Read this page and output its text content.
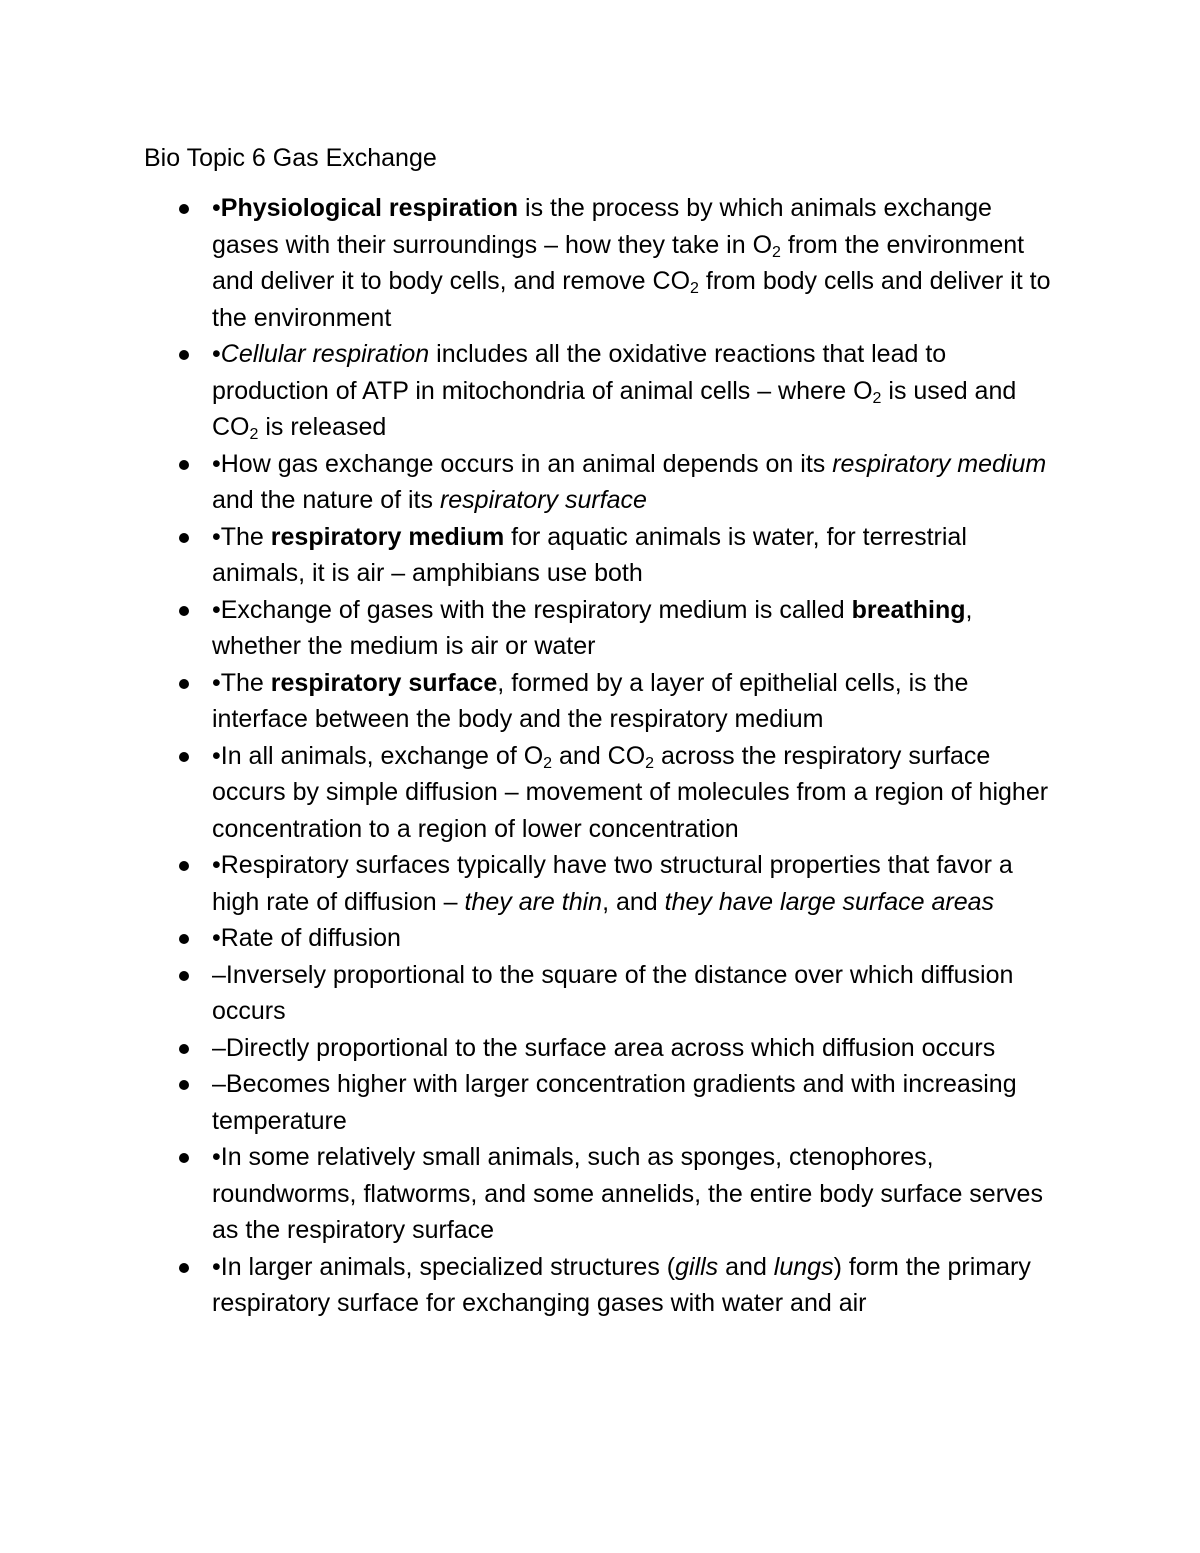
Bio Topic 6 Gas Exchange
•Physiological respiration is the process by which animals exchange gases with their surroundings – how they take in $O_2$ from the environment and deliver it to body cells, and remove $CO_2$ from body cells and deliver it to the environment
•Cellular respiration includes all the oxidative reactions that lead to production of ATP in mitochondria of animal cells – where $O_2$ is used and $CO_2$ is released
•How gas exchange occurs in an animal depends on its respiratory medium and the nature of its respiratory surface
•The respiratory medium for aquatic animals is water, for terrestrial animals, it is air – amphibians use both
•Exchange of gases with the respiratory medium is called breathing, whether the medium is air or water
•The respiratory surface, formed by a layer of epithelial cells, is the interface between the body and the respiratory medium
•In all animals, exchange of $O_2$ and $CO_2$ across the respiratory surface occurs by simple diffusion – movement of molecules from a region of higher concentration to a region of lower concentration
•Respiratory surfaces typically have two structural properties that favor a high rate of diffusion – they are thin, and they have large surface areas
•Rate of diffusion
–Inversely proportional to the square of the distance over which diffusion occurs
–Directly proportional to the surface area across which diffusion occurs
–Becomes higher with larger concentration gradients and with increasing temperature
•In some relatively small animals, such as sponges, ctenophores, roundworms, flatworms, and some annelids, the entire body surface serves as the respiratory surface
•In larger animals, specialized structures (gills and lungs) form the primary respiratory surface for exchanging gases with water and air
